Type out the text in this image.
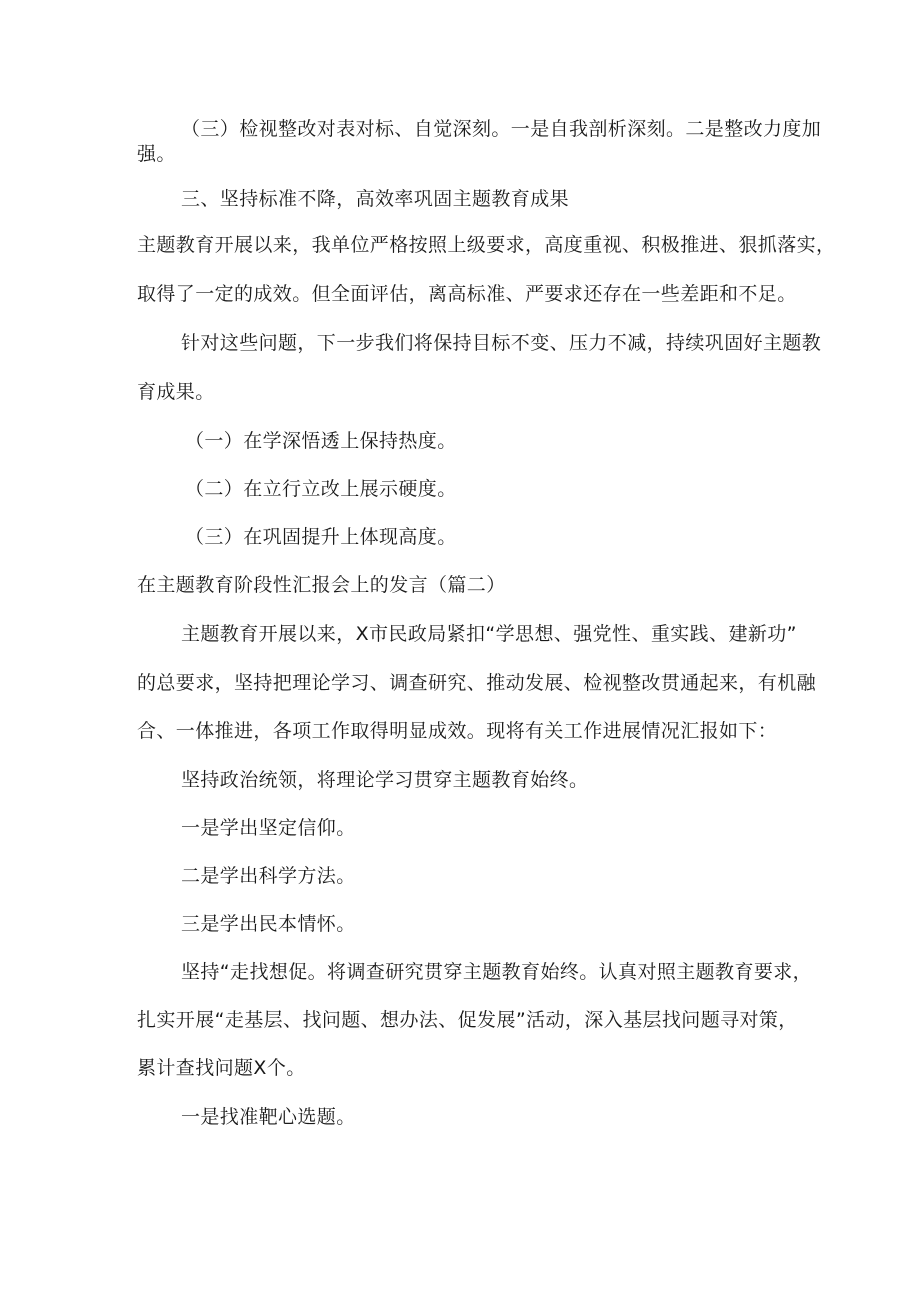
（三）检视整改对表对标、自觉深刻。一是自我剖析深刻。二是整改力度加
强。
三、坚持标准不降，高效率巩固主题教育成果
主题教育开展以来，我单位严格按照上级要求，高度重视、积极推进、狠抓落实，
取得了一定的成效。但全面评估，离高标准、严要求还存在一些差距和不足。
针对这些问题，下一步我们将保持目标不变、压力不减，持续巩固好主题教
育成果。
（一）在学深悟透上保持热度。
（二）在立行立改上展示硬度。
（三）在巩固提升上体现高度。
在主题教育阶段性汇报会上的发言（篇二）
主题教育开展以来，X市民政局紧扣“学思想、强党性、重实践、建新功”
的总要求，坚持把理论学习、调查研究、推动发展、检视整改贯通起来，有机融
合、一体推进，各项工作取得明显成效。现将有关工作进展情况汇报如下：
坚持政治统领，将理论学习贯穿主题教育始终。
一是学出坚定信仰。
二是学出科学方法。
三是学出民本情怀。
坚持“走找想促。将调查研究贯穿主题教育始终。认真对照主题教育要求，
扎实开展“走基层、找问题、想办法、促发展”活动，深入基层找问题寻对策，
累计查找问题X个。
一是找准靶心选题。
